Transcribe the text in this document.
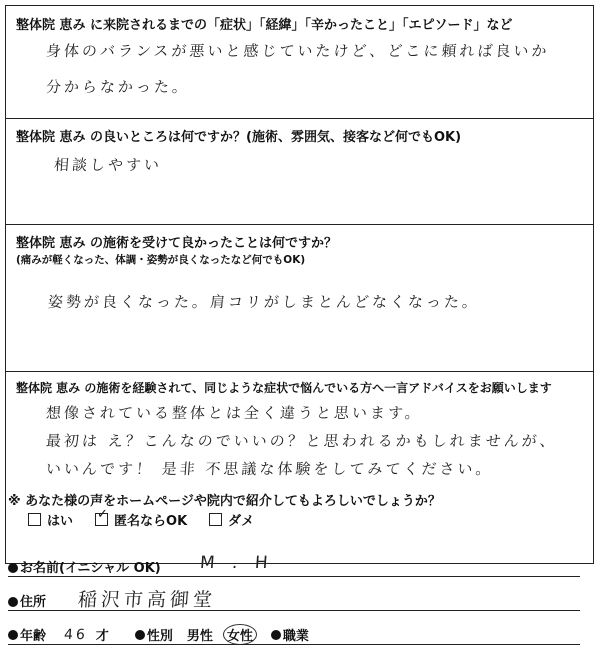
整体院 恵み に来院されるまでの「症状」「経緯」「辛かったこと」「エピソード」など
身体のバランスが悪いと感じていたけど、どこに頼れば良いか
分からなかった。
整体院 恵み の良いところは何ですか？(施術、雰囲気、接客など何でもOK)
相談しやすい
整体院 恵み の施術を受けて良かったことは何ですか？
(痛みが軽くなった、体調・姿勢が良くなったなど何でもOK)
姿勢が良くなった。肩コリがしまとんどなくなった。
整体院 恵み の施術を経験されて、同じような症状で悩んでいる方へ一言アドバイスをお願いします
想像されている整体とは全く違うと思います。
最初は え？こんなのでいいの？と思われるかもしれませんが、
いいんです！ 是非 不思議な体験をしてみてください。
※ あなた様の声をホームページや院内で紹介してもよろしいでしょうか？
はい
✓	匿名ならOK	ダメ
お名前(イニシャル OK) M . H
住所 稲沢市高御堂
年齢 46 才	性別 男性	女性	職業
